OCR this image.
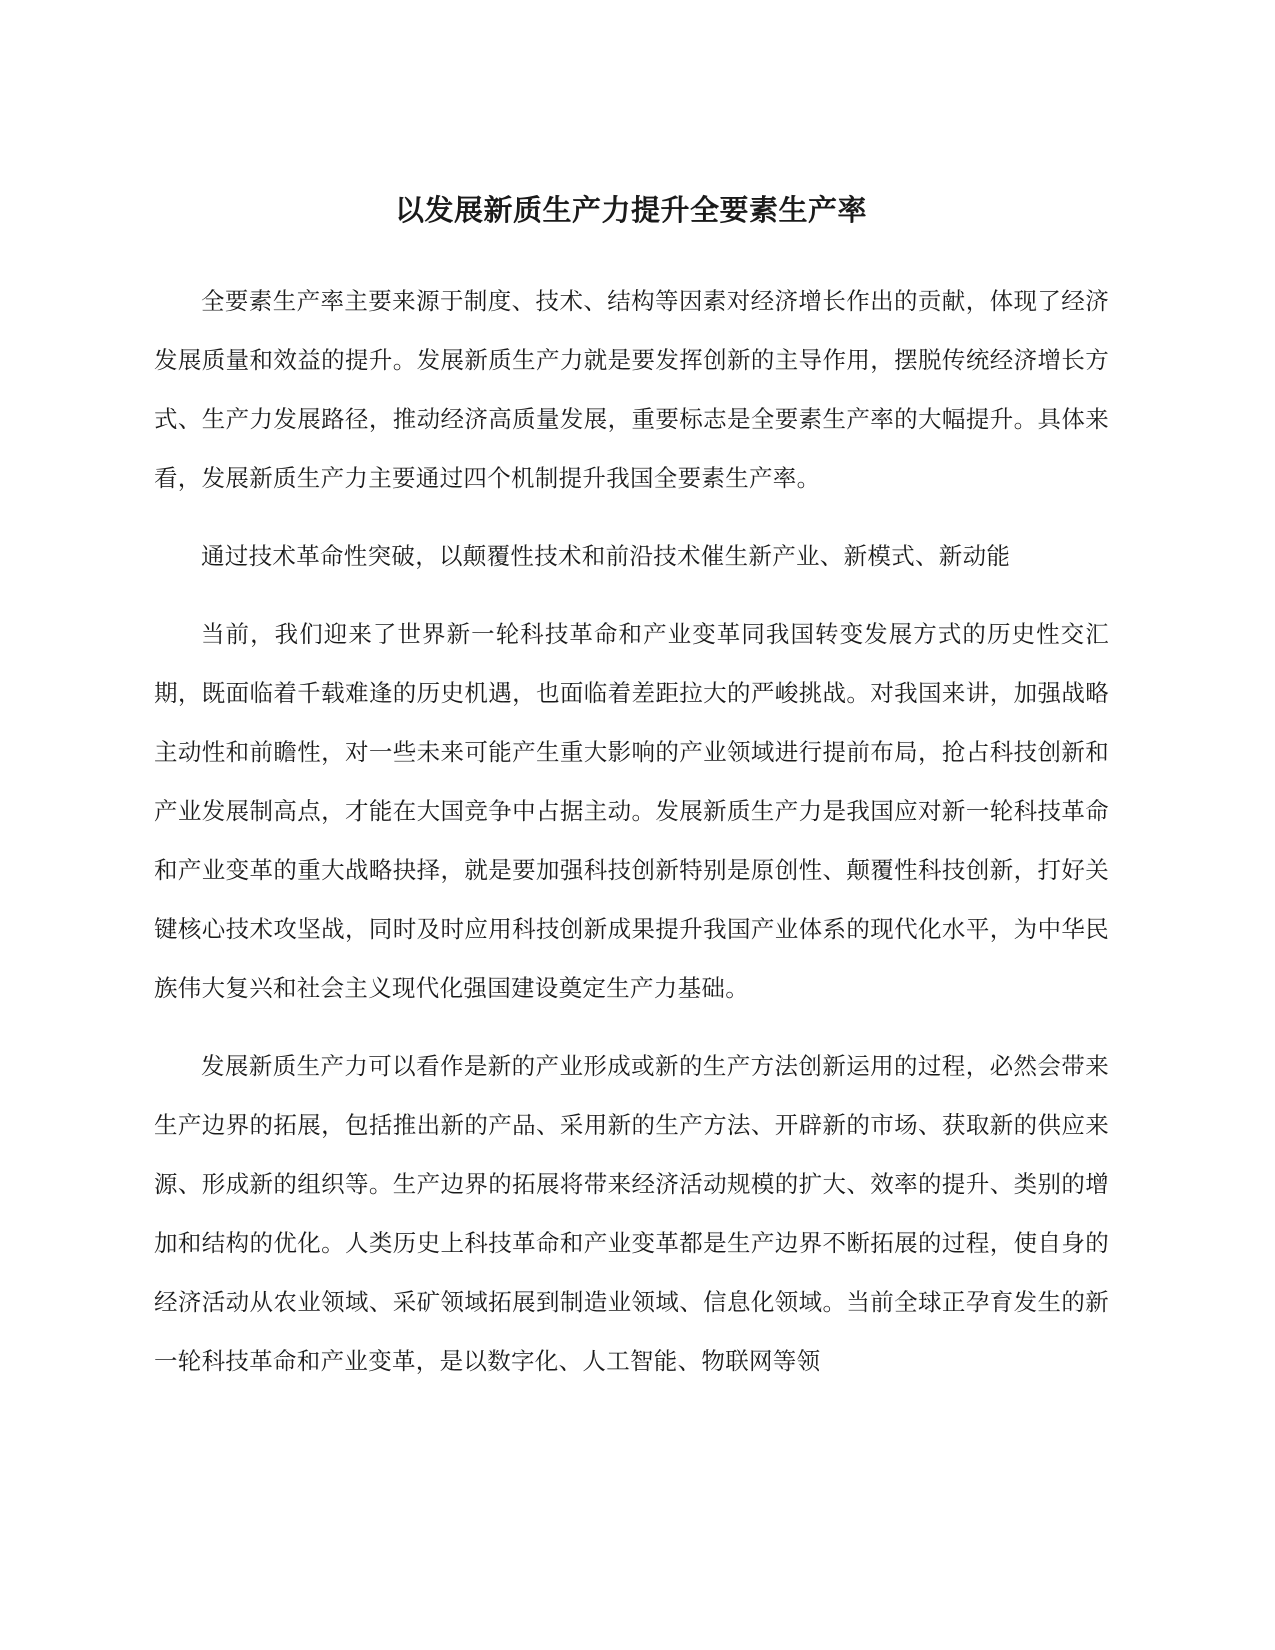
以发展新质生产力提升全要素生产率

全要素生产率主要来源于制度、技术、结构等因素对经济增长作出的贡献，体现了经济发展质量和效益的提升。发展新质生产力就是要发挥创新的主导作用，摆脱传统经济增长方式、生产力发展路径，推动经济高质量发展，重要标志是全要素生产率的大幅提升。具体来看，发展新质生产力主要通过四个机制提升我国全要素生产率。

通过技术革命性突破，以颠覆性技术和前沿技术催生新产业、新模式、新动能

当前，我们迎来了世界新一轮科技革命和产业变革同我国转变发展方式的历史性交汇期，既面临着千载难逢的历史机遇，也面临着差距拉大的严峻挑战。对我国来讲，加强战略主动性和前瞻性，对一些未来可能产生重大影响的产业领域进行提前布局，抢占科技创新和产业发展制高点，才能在大国竞争中占据主动。发展新质生产力是我国应对新一轮科技革命和产业变革的重大战略抉择，就是要加强科技创新特别是原创性、颠覆性科技创新，打好关键核心技术攻坚战，同时及时应用科技创新成果提升我国产业体系的现代化水平，为中华民族伟大复兴和社会主义现代化强国建设奠定生产力基础。

发展新质生产力可以看作是新的产业形成或新的生产方法创新运用的过程，必然会带来生产边界的拓展，包括推出新的产品、采用新的生产方法、开辟新的市场、获取新的供应来源、形成新的组织等。生产边界的拓展将带来经济活动规模的扩大、效率的提升、类别的增加和结构的优化。人类历史上科技革命和产业变革都是生产边界不断拓展的过程，使自身的经济活动从农业领域、采矿领域拓展到制造业领域、信息化领域。当前全球正孕育发生的新一轮科技革命和产业变革，是以数字化、人工智能、物联网等领
